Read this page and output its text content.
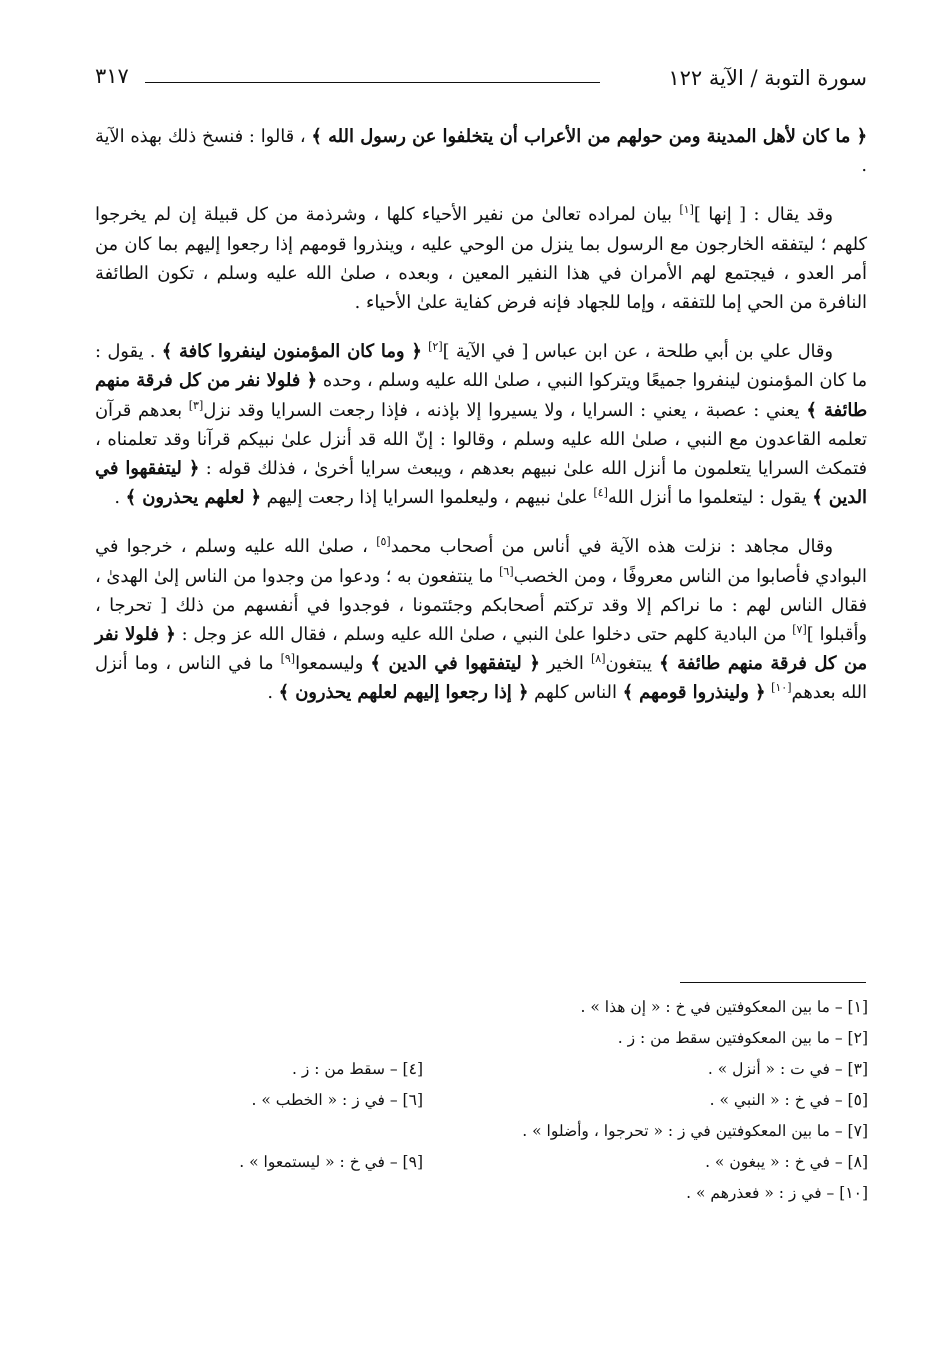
سورة التوبة / الآية ١٢٢
٣١٧

﴿ ما كان لأهل المدينة ومن حولهم من الأعراب أن يتخلفوا عن رسول الله ﴾ ، قالوا : فنسخ ذلك بهذه الآية .

وقد يقال : [ إنها ][١] بيان لمراده تعالىٰ من نفير الأحياء كلها ، وشرذمة من كل قبيلة إن لم يخرجوا كلهم ؛ ليتفقه الخارجون مع الرسول بما ينزل من الوحي عليه ، وينذروا قومهم إذا رجعوا إليهم بما كان من أمر العدو ، فيجتمع لهم الأمران في هذا النفير المعين ، وبعده ، صلىٰ الله عليه وسلم ، تكون الطائفة النافرة من الحي إما للتفقه ، وإما للجهاد فإنه فرض كفاية علىٰ الأحياء .

وقال علي بن أبي طلحة ، عن ابن عباس [ في الآية ][٢] ﴿ وما كان المؤمنون لينفروا كافة ﴾ . يقول : ما كان المؤمنون لينفروا جميعًا ويتركوا النبي ، صلىٰ الله عليه وسلم ، وحده ﴿ فلولا نفر من كل فرقة منهم طائفة ﴾ يعني : عصبة ، يعني : السرايا ، ولا يسيروا إلا بإذنه ، فإذا رجعت السرايا وقد نزل[٣] بعدهم قرآن تعلمه القاعدون مع النبي ، صلىٰ الله عليه وسلم ، وقالوا : إنّ الله قد أنزل علىٰ نبيكم قرآنا وقد تعلمناه ، فتمكث السرايا يتعلمون ما أنزل الله علىٰ نبيهم بعدهم ، ويبعث سرايا أخرىٰ ، فذلك قوله : ﴿ ليتفقهوا في الدين ﴾ يقول : ليتعلموا ما أنزل الله[٤] علىٰ نبيهم ، وليعلموا السرايا إذا رجعت إليهم ﴿ لعلهم يحذرون ﴾ .

وقال مجاهد : نزلت هذه الآية في أناس من أصحاب محمد[٥] ، صلىٰ الله عليه وسلم ، خرجوا في البوادي فأصابوا من الناس معروفًا ، ومن الخصب[٦] ما ينتفعون به ؛ ودعوا من وجدوا من الناس إلىٰ الهدىٰ ، فقال الناس لهم : ما نراكم إلا وقد تركتم أصحابكم وجئتمونا ، فوجدوا في أنفسهم من ذلك [ تحرجا ، وأقبلوا ][٧] من البادية كلهم حتى دخلوا علىٰ النبي ، صلىٰ الله عليه وسلم ، فقال الله عز وجل : ﴿ فلولا نفر من كل فرقة منهم طائفة ﴾ يبتغون[٨] الخير ﴿ ليتفقهوا في الدين ﴾ وليسمعوا[٩] ما في الناس ، وما أنزل الله بعدهم[١٠] ﴿ ولينذروا قومهم ﴾ الناس كلهم ﴿ إذا رجعوا إليهم لعلهم يحذرون ﴾ .

[١] – ما بين المعكوفتين في خ : « إن هذا » .
[٢] – ما بين المعكوفتين سقط من : ز .
[٣] – في ت : « أنزل » .
[٤] – سقط من : ز .
[٥] – في خ : « النبي » .
[٦] – في ز : « الخطب » .
[٧] – ما بين المعكوفتين في ز : « تحرجوا ، وأضلوا » .
[٨] – في خ : « يبغون » .
[٩] – في خ : « ليستمعوا » .
[١٠] – في ز : « فعذرهم » .
